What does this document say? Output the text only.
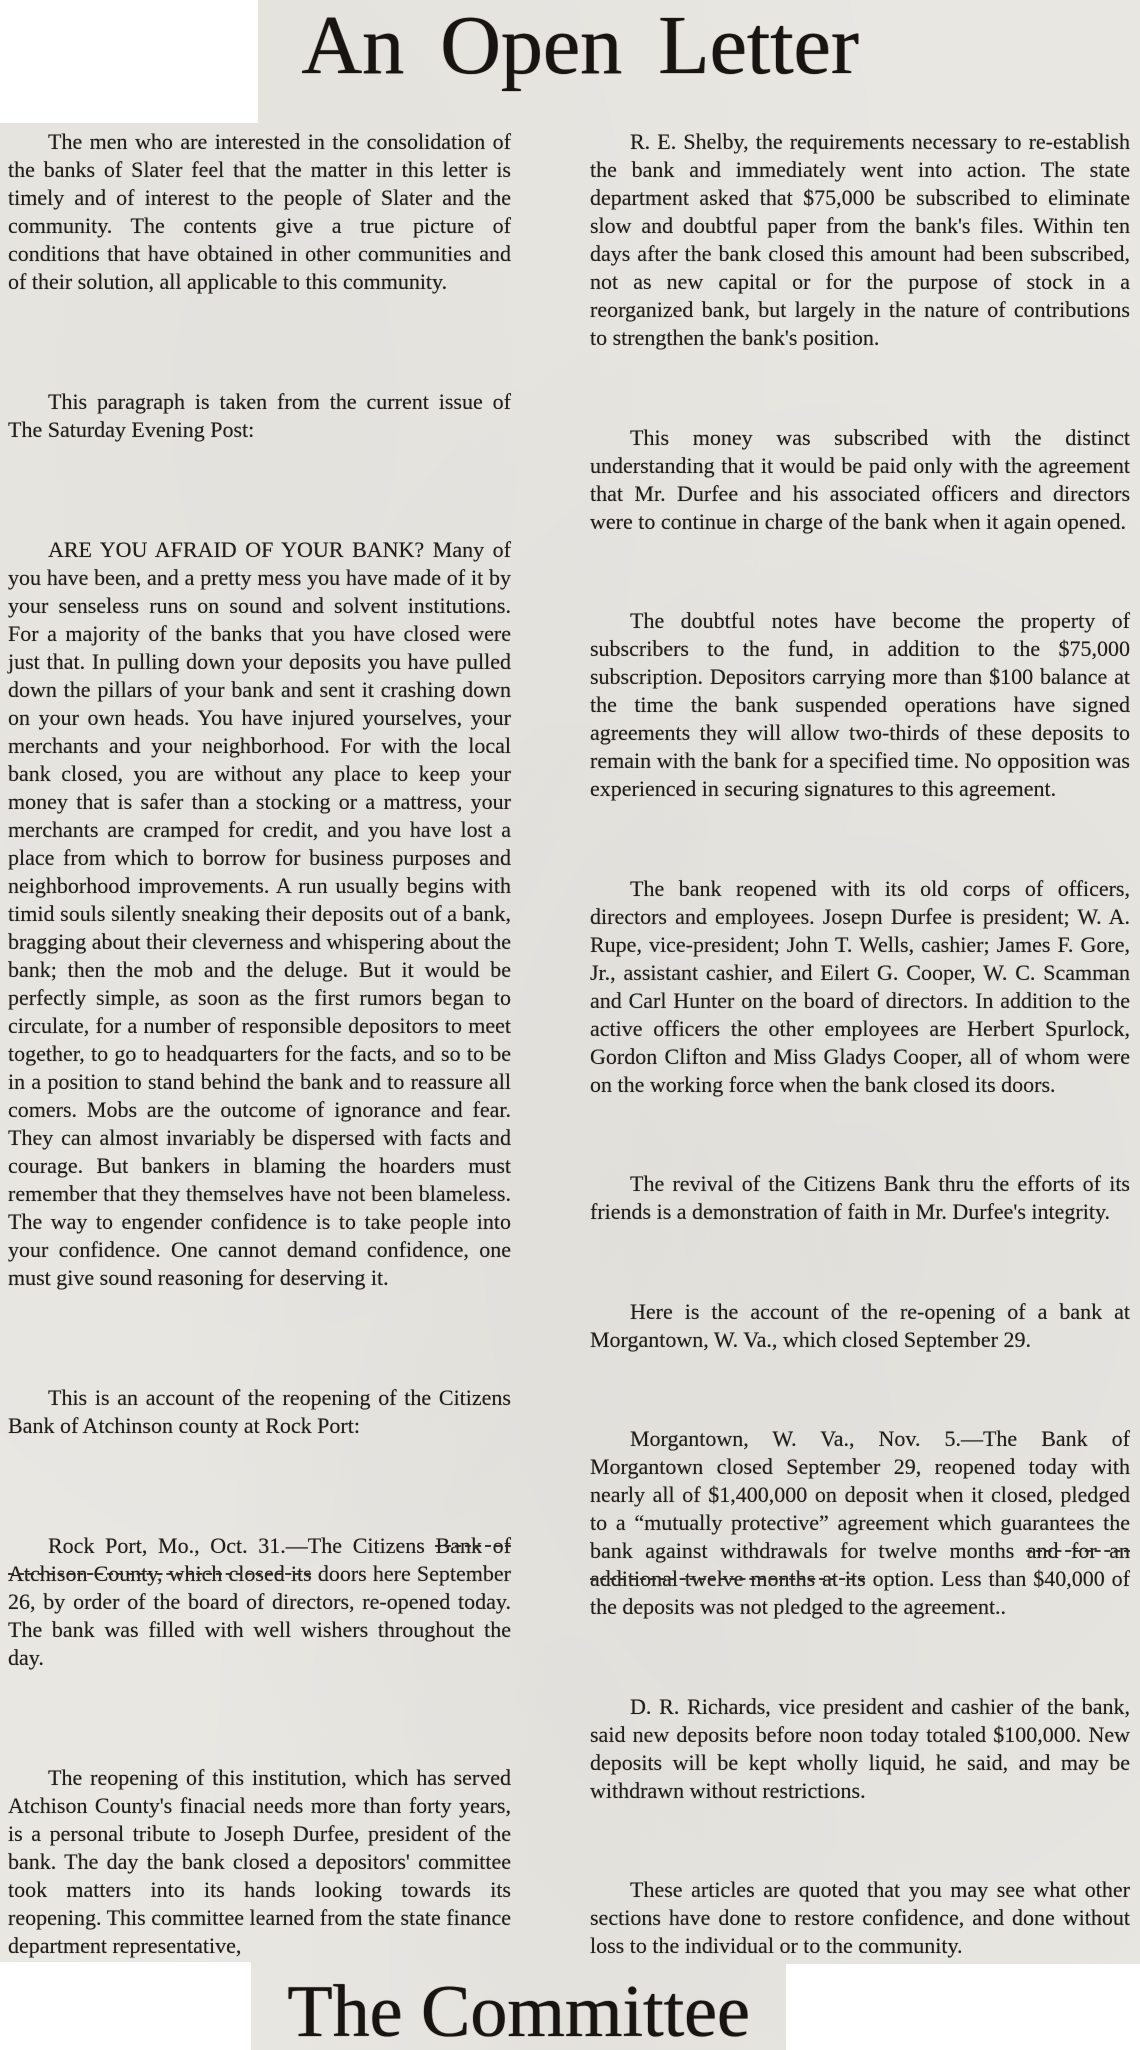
An Open Letter

The men who are interested in the consolidation of the banks of Slater feel that the matter in this letter is timely and of interest to the people of Slater and the community. The contents give a true picture of conditions that have obtained in other communities and of their solution, all applicable to this community.

This paragraph is taken from the current issue of The Saturday Evening Post:

ARE YOU AFRAID OF YOUR BANK? Many of you have been, and a pretty mess you have made of it by your senseless runs on sound and solvent institutions. For a majority of the banks that you have closed were just that. In pulling down your deposits you have pulled down the pillars of your bank and sent it crashing down on your own heads. You have injured yourselves, your merchants and your neighborhood. For with the local bank closed, you are without any place to keep your money that is safer than a stocking or a mattress, your merchants are cramped for credit, and you have lost a place from which to borrow for business purposes and neighborhood improvements. A run usually begins with timid souls silently sneaking their deposits out of a bank, bragging about their cleverness and whispering about the bank; then the mob and the deluge. But it would be perfectly simple, as soon as the first rumors began to circulate, for a number of responsible depositors to meet together, to go to headquarters for the facts, and so to be in a position to stand behind the bank and to reassure all comers. Mobs are the outcome of ignorance and fear. They can almost invariably be dispersed with facts and courage. But bankers in blaming the hoarders must remember that they themselves have not been blameless. The way to engender confidence is to take people into your confidence. One cannot demand confidence, one must give sound reasoning for deserving it.

This is an account of the reopening of the Citizens Bank of Atchinson county at Rock Port:

Rock Port, Mo., Oct. 31.—The Citizens Bank of Atchison County, which closed its doors here September 26, by order of the board of directors, re-opened today. The bank was filled with well wishers throughout the day.

The reopening of this institution, which has served Atchison County's finacial needs more than forty years, is a personal tribute to Joseph Durfee, president of the bank. The day the bank closed a depositors' committee took matters into its hands looking towards its reopening. This committee learned from the state finance department representative,

R. E. Shelby, the requirements necessary to re-establish the bank and immediately went into action. The state department asked that $75,000 be subscribed to eliminate slow and doubtful paper from the bank's files. Within ten days after the bank closed this amount had been subscribed, not as new capital or for the purpose of stock in a reorganized bank, but largely in the nature of contributions to strengthen the bank's position.

This money was subscribed with the distinct understanding that it would be paid only with the agreement that Mr. Durfee and his associated officers and directors were to continue in charge of the bank when it again opened.

The doubtful notes have become the property of subscribers to the fund, in addition to the $75,000 subscription. Depositors carrying more than $100 balance at the time the bank suspended operations have signed agreements they will allow two-thirds of these deposits to remain with the bank for a specified time. No opposition was experienced in securing signatures to this agreement.

The bank reopened with its old corps of officers, directors and employees. Josepn Durfee is president; W. A. Rupe, vice-president; John T. Wells, cashier; James F. Gore, Jr., assistant cashier, and Eilert G. Cooper, W. C. Scamman and Carl Hunter on the board of directors. In addition to the active officers the other employees are Herbert Spurlock, Gordon Clifton and Miss Gladys Cooper, all of whom were on the working force when the bank closed its doors.

The revival of the Citizens Bank thru the efforts of its friends is a demonstration of faith in Mr. Durfee's integrity.

Here is the account of the re-opening of a bank at Morgantown, W. Va., which closed September 29.

Morgantown, W. Va., Nov. 5.—The Bank of Morgantown closed September 29, reopened today with nearly all of $1,400,000 on deposit when it closed, pledged to a “mutually protective” agreement which guarantees the bank against withdrawals for twelve months and for an additional twelve months at its option. Less than $40,000 of the deposits was not pledged to the agreement..

D. R. Richards, vice president and cashier of the bank, said new deposits before noon today totaled $100,000. New deposits will be kept wholly liquid, he said, and may be withdrawn without restrictions.

These articles are quoted that you may see what other sections have done to restore confidence, and done without loss to the individual or to the community.

The Committee
